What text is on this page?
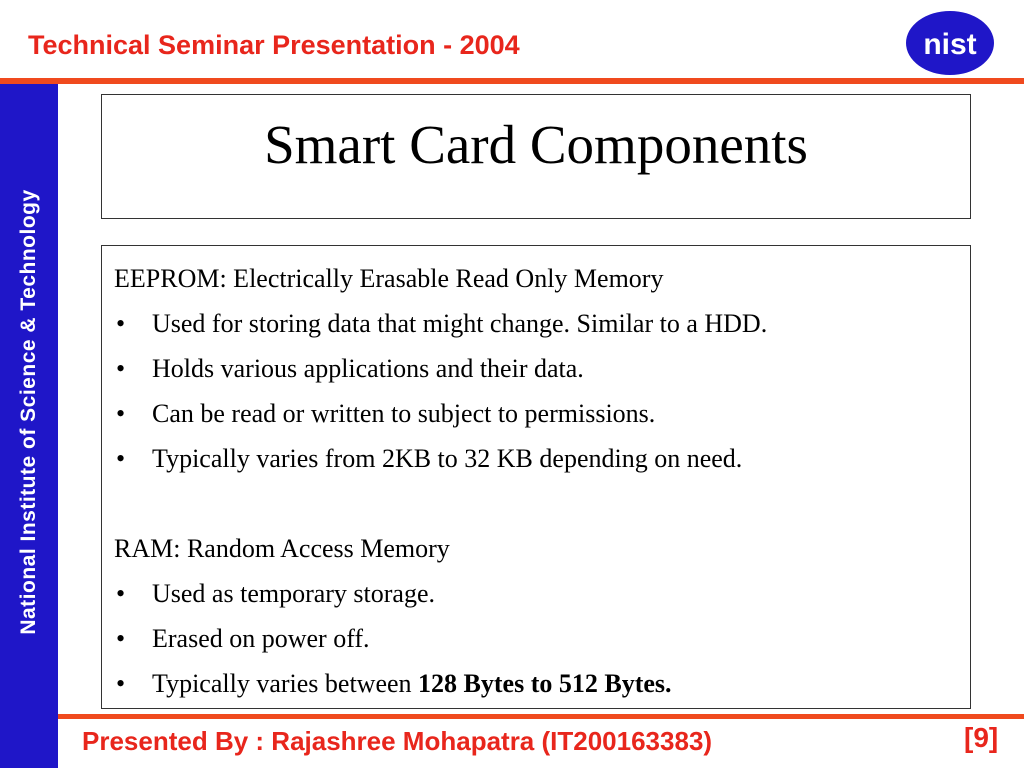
Technical Seminar Presentation - 2004	nist
National Institute of Science & Technology
Smart Card Components
EEPROM: Electrically Erasable Read Only Memory
• Used for storing data that might change. Similar to a HDD.
• Holds various applications and their data.
• Can be read or written to subject to permissions.
• Typically varies from 2KB to 32 KB depending on need.
RAM: Random Access Memory
• Used as temporary storage.
• Erased on power off.
• Typically varies between 128 Bytes to 512 Bytes.
Presented By : Rajashree Mohapatra (IT200163383)	[9]
